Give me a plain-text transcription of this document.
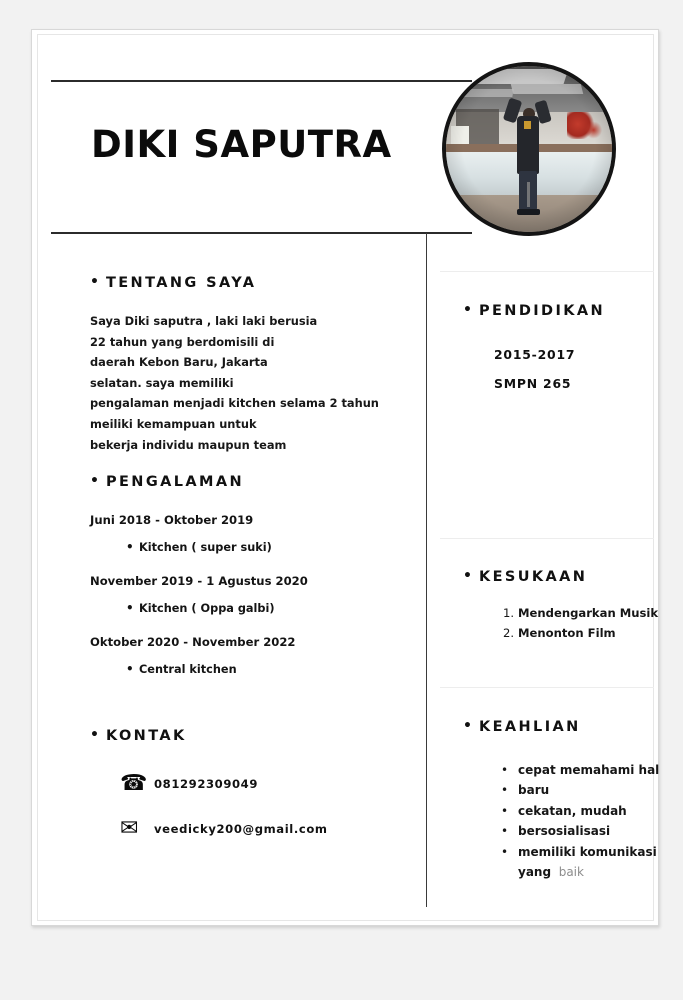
DIKI SAPUTRA
• TENTANG SAYA
Saya Diki saputra , laki laki berusia
22 tahun yang berdomisili di
daerah Kebon Baru, Jakarta
selatan. saya memiliki
pengalaman menjadi kitchen selama 2 tahun
meiliki kemampuan untuk
bekerja individu maupun team
• PENGALAMAN
Juni 2018 - Oktober 2019
• Kitchen ( super suki)
November 2019 - 1 Agustus 2020
• Kitchen ( Oppa galbi)
Oktober 2020 - November 2022
• Central kitchen
• KONTAK
☎ 081292309049
✉	veedicky200@gmail.com
• PENDIDIKAN
2015-2017
SMPN 265
• KESUKAAN
1. Mendengarkan Musik
2. Menonton Film
• KEAHLIAN
• cepat memahami hal
• baru
• cekatan, mudah
• bersosialisasi
• memiliki komunikasi
yang baik
